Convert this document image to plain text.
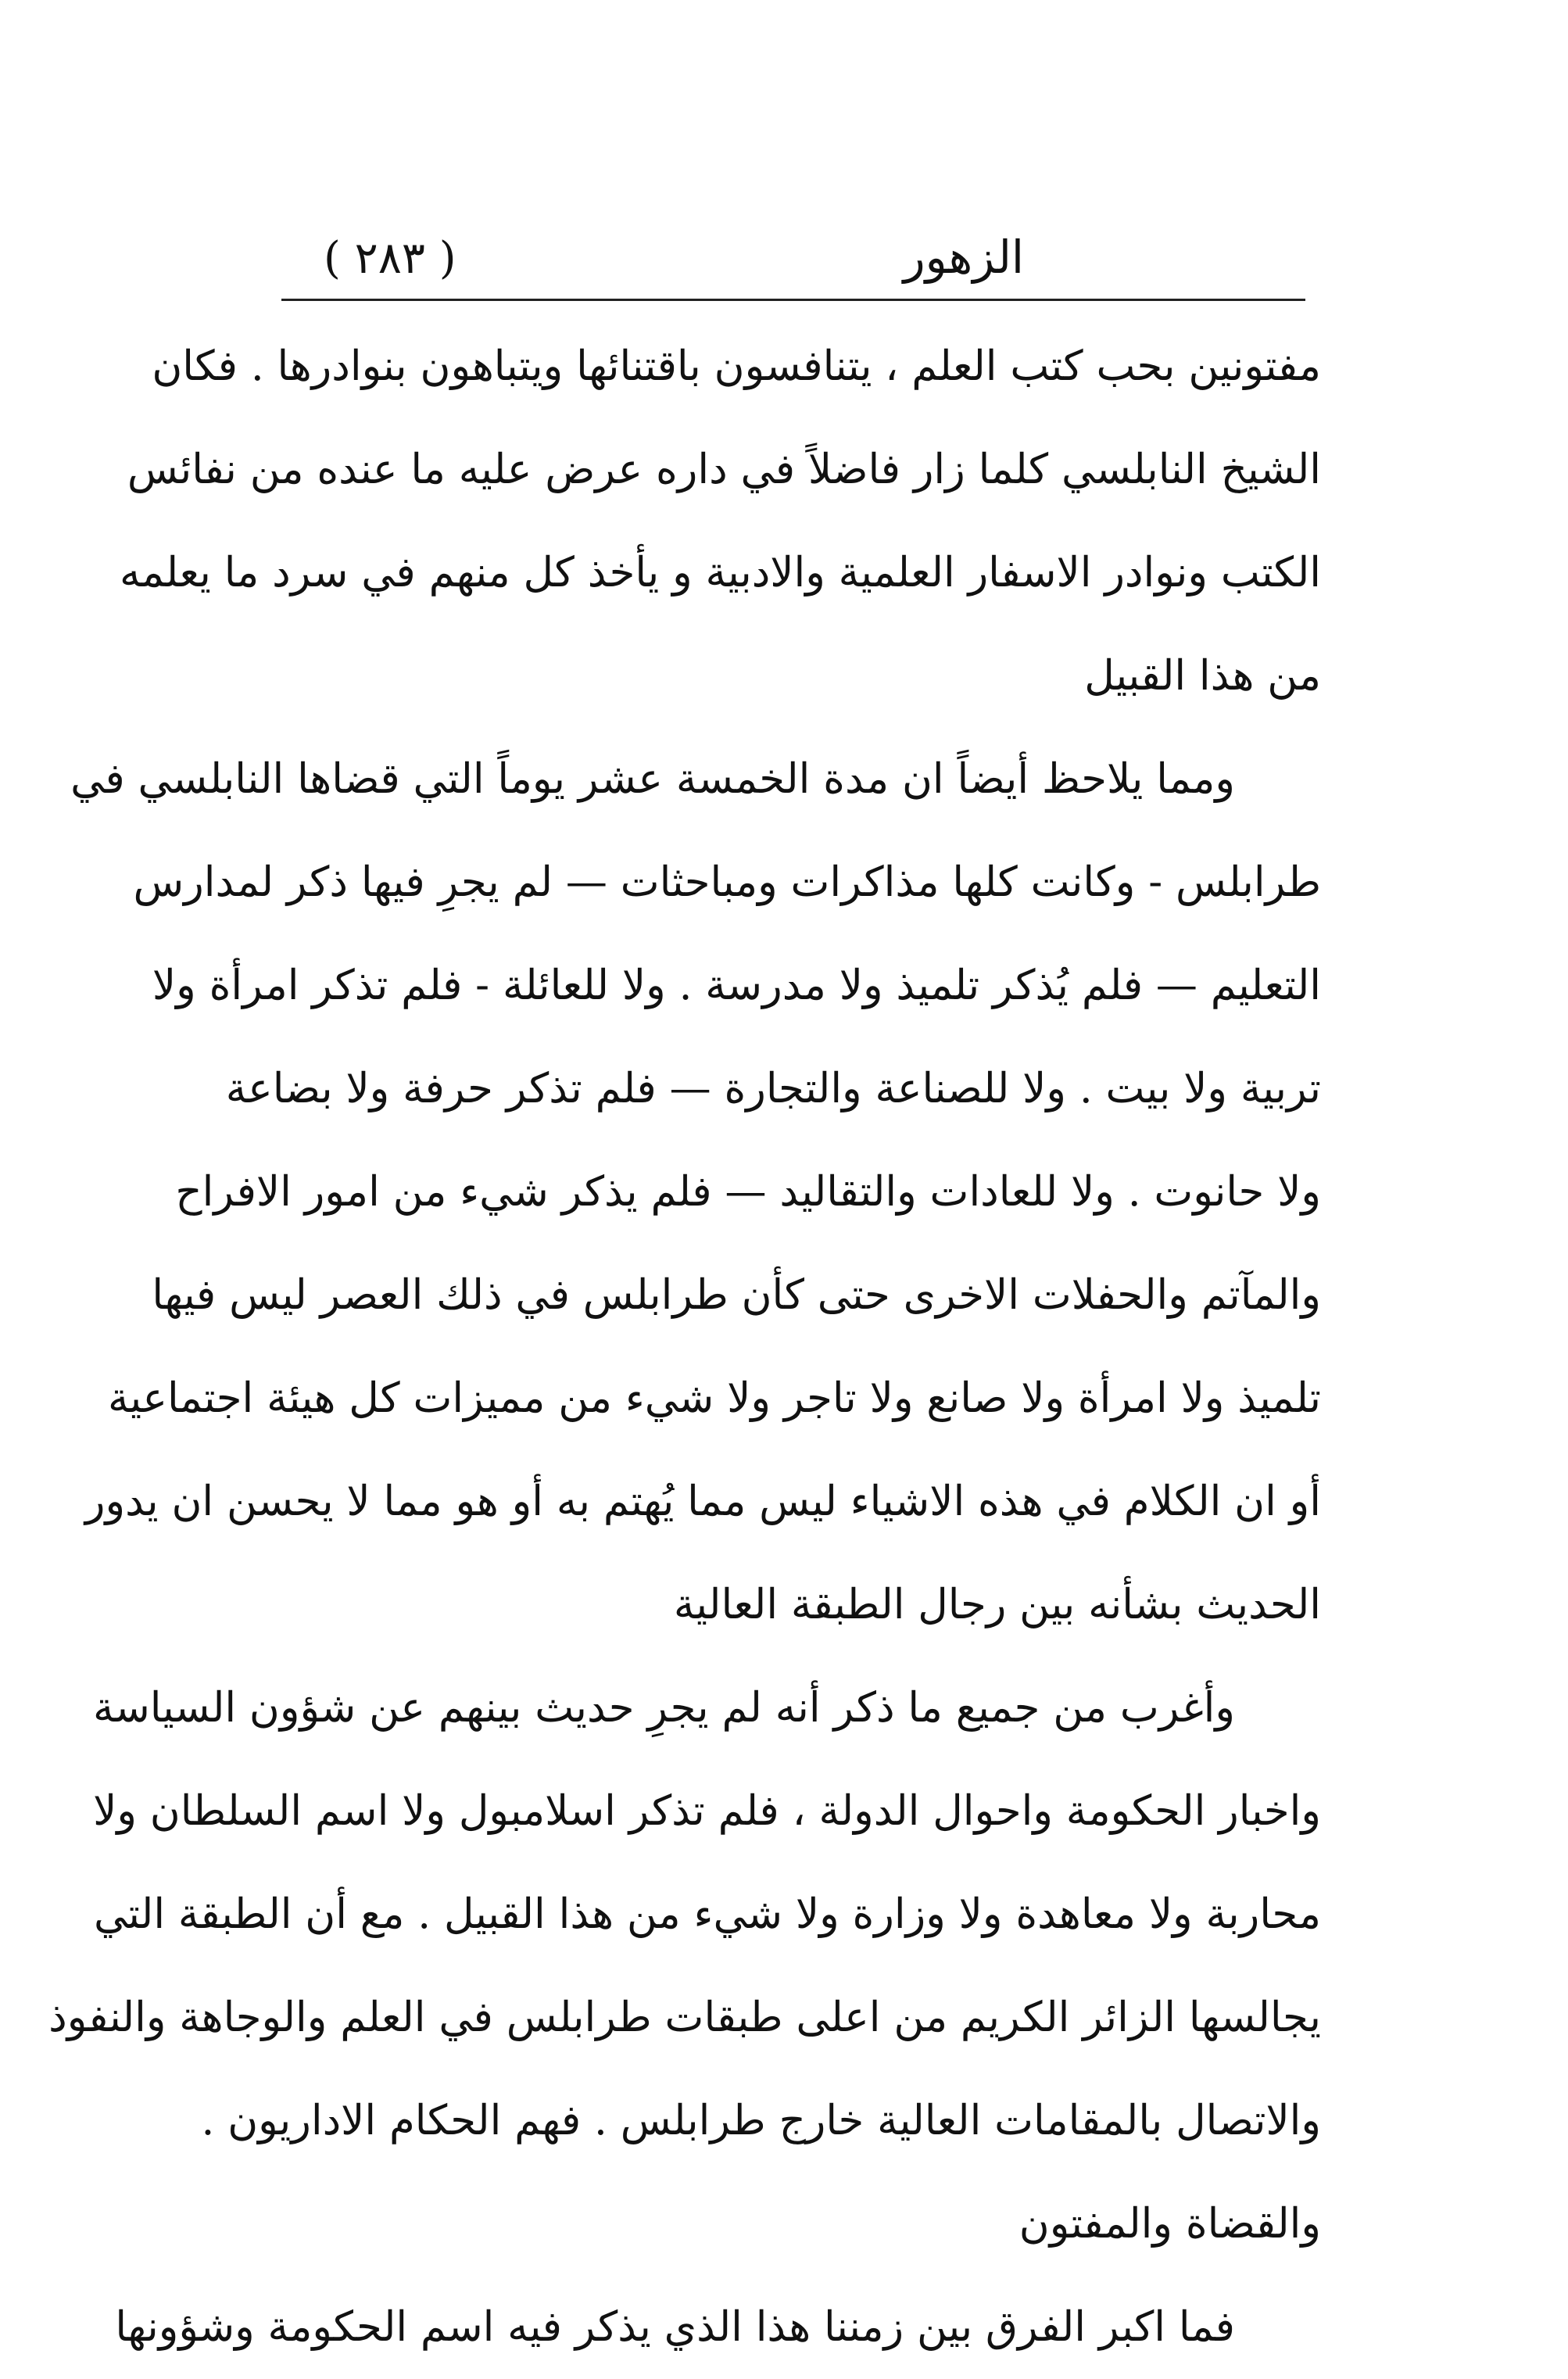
الزهور
( ٢٨٣ )
مفتونين بحب كتب العلم ، يتنافسون باقتنائها ويتباهون بنوادرها . فكان
الشيخ النابلسي كلما زار فاضلاً في داره عرض عليه ما عنده من نفائس
الكتب ونوادر الاسفار العلمية والادبية و يأخذ كل منهم في سرد ما يعلمه
من هذا القبيل
ومما يلاحظ أيضاً ان مدة الخمسة عشر يوماً التي قضاها النابلسي في
طرابلس - وكانت كلها مذاكرات ومباحثات — لم يجرِ فيها ذكر لمدارس
التعليم — فلم يُذكر تلميذ ولا مدرسة . ولا للعائلة - فلم تذكر امرأة ولا
تربية ولا بيت . ولا للصناعة والتجارة — فلم تذكر حرفة ولا بضاعة
ولا حانوت . ولا للعادات والتقاليد — فلم يذكر شيء من امور الافراح
والمآتم والحفلات الاخرى حتى كأن طرابلس في ذلك العصر ليس فيها
تلميذ ولا امرأة ولا صانع ولا تاجر ولا شيء من مميزات كل هيئة اجتماعية
أو ان الكلام في هذه الاشياء ليس مما يُهتم به أو هو مما لا يحسن ان يدور
الحديث بشأنه بين رجال الطبقة العالية
وأغرب من جميع ما ذكر أنه لم يجرِ حديث بينهم عن شؤون السياسة
واخبار الحكومة واحوال الدولة ، فلم تذكر اسلامبول ولا اسم السلطان ولا
محاربة ولا معاهدة ولا وزارة ولا شيء من هذا القبيل . مع أن الطبقة التي
يجالسها الزائر الكريم من اعلى طبقات طرابلس في العلم والوجاهة والنفوذ
والاتصال بالمقامات العالية خارج طرابلس . فهم الحكام الاداريون .
والقضاة والمفتون
فما اكبر الفرق بين زمننا هذا الذي يذكر فيه اسم الحكومة وشؤونها
